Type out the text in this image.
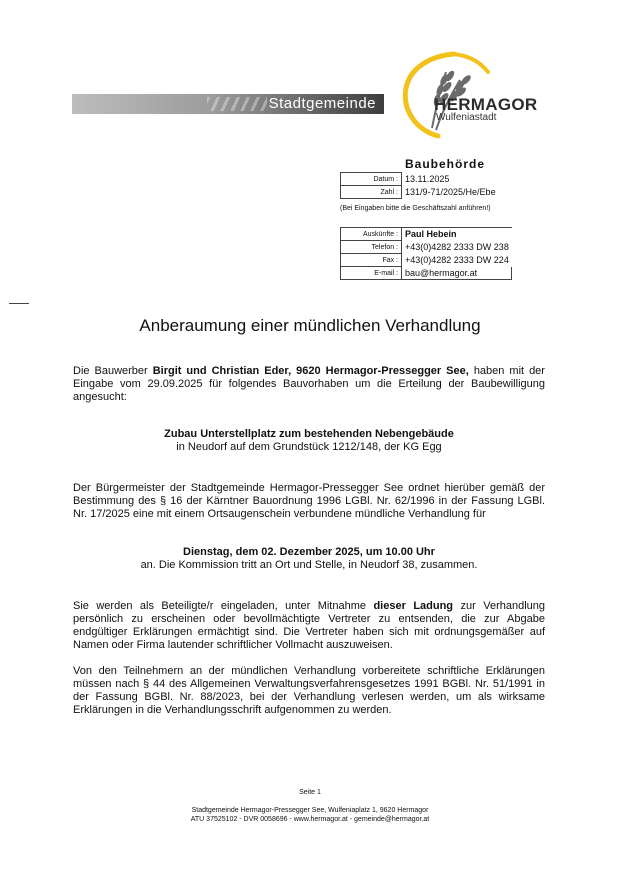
Stadtgemeinde	HERMAGOR
Wulfeniastadt
Baubehörde
Datum :	13.11.2025
Zahl :	131/9-71/2025/He/Ebe
(Bei Eingaben bitte die Geschäftszahl anführen!)
Auskünfte :	Paul Hebein
Telefon :	+43(0)4282 2333 DW 238
Fax :	+43(0)4282 2333 DW 224
E-mail :	bau@hermagor.at
Anberaumung einer mündlichen Verhandlung
Die Bauwerber Birgit und Christian Eder, 9620 Hermagor-Pressegger See, haben mit der Eingabe vom 29.09.2025 für folgendes Bauvorhaben um die Erteilung der Baubewilligung angesucht:
Zubau Unterstellplatz zum bestehenden Nebengebäude
in Neudorf auf dem Grundstück 1212/148, der KG Egg
Der Bürgermeister der Stadtgemeinde Hermagor-Pressegger See ordnet hierüber gemäß der Bestimmung des § 16 der Kärntner Bauordnung 1996 LGBl. Nr. 62/1996 in der Fassung LGBl. Nr. 17/2025 eine mit einem Ortsaugenschein verbundene mündliche Verhandlung für
Dienstag, dem 02. Dezember 2025, um 10.00 Uhr
an. Die Kommission tritt an Ort und Stelle, in Neudorf 38, zusammen.
Sie werden als Beteiligte/r eingeladen, unter Mitnahme dieser Ladung zur Verhandlung persönlich zu erscheinen oder bevollmächtigte Vertreter zu entsenden, die zur Abgabe endgültiger Erklärungen ermächtigt sind. Die Vertreter haben sich mit ordnungsgemäßer auf Namen oder Firma lautender schriftlicher Vollmacht auszuweisen.
Von den Teilnehmern an der mündlichen Verhandlung vorbereitete schriftliche Erklärungen müssen nach § 44 des Allgemeinen Verwaltungsverfahrensgesetzes 1991 BGBl. Nr. 51/1991 in der Fassung BGBl. Nr. 88/2023, bei der Verhandlung verlesen werden, um als wirksame Erklärungen in die Verhandlungsschrift aufgenommen zu werden.
Seite 1
Stadtgemeinde Hermagor-Pressegger See, Wulfeniaplatz 1, 9620 Hermagor
ATU 37525102 - DVR 0058696 - www.hermagor.at - gemeinde@hermagor.at
